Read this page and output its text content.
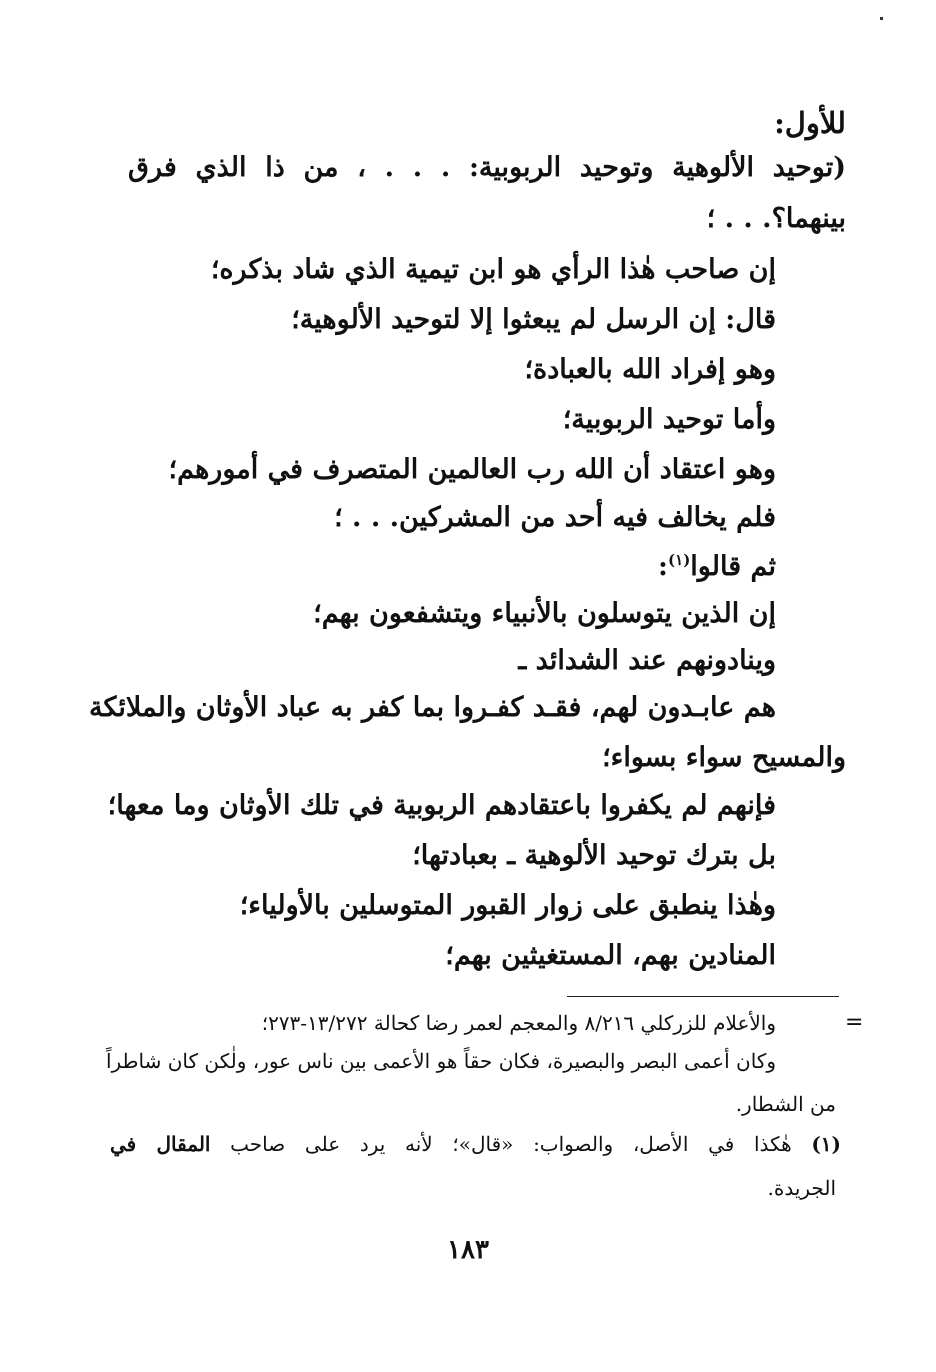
للأول:
(توحيد الألوهية وتوحيد الربوبية: . . . ، من ذا الذي فرق
بينهما؟. . . ؛
إن صاحب هٰذا الرأي هو ابن تيمية الذي شاد بذكره؛
قال: إن الرسل لم يبعثوا إلا لتوحيد الألوهية؛
وهو إفراد الله بالعبادة؛
وأما توحيد الربوبية؛
وهو اعتقاد أن الله رب العالمين المتصرف في أمورهم؛
فلم يخالف فيه أحد من المشركين. . . ؛
ثم قالوا$^{(١)}$:
إن الذين يتوسلون بالأنبياء ويتشفعون بهم؛
وينادونهم عند الشدائد ـ
هم عابـدون لهم، فقـد كفـروا بما كفر به عباد الأوثان والملائكة
والمسيح سواء بسواء؛
فإنهم لم يكفروا باعتقادهم الربوبية في تلك الأوثان وما معها؛
بل بترك توحيد الألوهية ـ بعبادتها؛
وهٰذا ينطبق على زوار القبور المتوسلين بالأولياء؛
المنادين بهم، المستغيثين بهم؛
=
والأعلام للزركلي ٨/٢١٦ والمعجم لعمر رضا كحالة ١٣/٢٧٢-٢٧٣؛
وكان أعمى البصر والبصيرة، فكان حقاً هو الأعمى بين ناس عور، ولٰكن كان شاطراً
من الشطار.
(١) هٰكذا في الأصل، والصواب: «قال»؛ لأنه يرد على صاحب المقال في
الجريدة.
١٨٣
